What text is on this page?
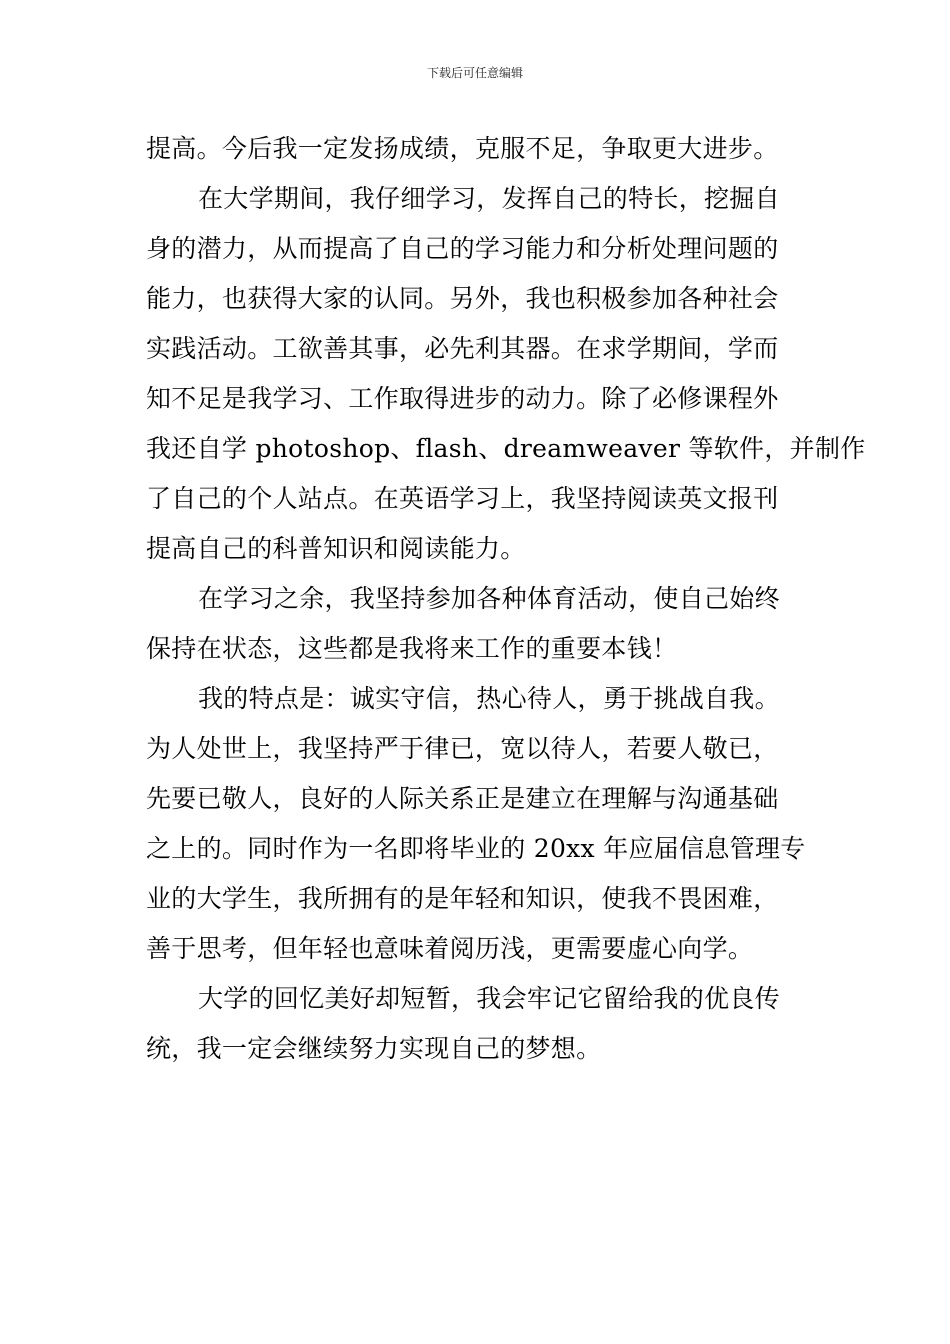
下载后可任意编辑
提高。今后我一定发扬成绩，克服不足，争取更大进步。
在大学期间，我仔细学习，发挥自己的特长，挖掘自
身的潜力，从而提高了自己的学习能力和分析处理问题的
能力，也获得大家的认同。另外，我也积极参加各种社会
实践活动。工欲善其事，必先利其器。在求学期间，学而
知不足是我学习、工作取得进步的动力。除了必修课程外
我还自学 photoshop、flash、dreamweaver 等软件，并制作
了自己的个人站点。在英语学习上，我坚持阅读英文报刊
提高自己的科普知识和阅读能力。
在学习之余，我坚持参加各种体育活动，使自己始终
保持在状态，这些都是我将来工作的重要本钱！
我的特点是：诚实守信，热心待人，勇于挑战自我。
为人处世上，我坚持严于律已，宽以待人，若要人敬已，
先要已敬人，良好的人际关系正是建立在理解与沟通基础
之上的。同时作为一名即将毕业的 20xx 年应届信息管理专
业的大学生，我所拥有的是年轻和知识，使我不畏困难，
善于思考，但年轻也意味着阅历浅，更需要虚心向学。
大学的回忆美好却短暂，我会牢记它留给我的优良传
统，我一定会继续努力实现自己的梦想。
